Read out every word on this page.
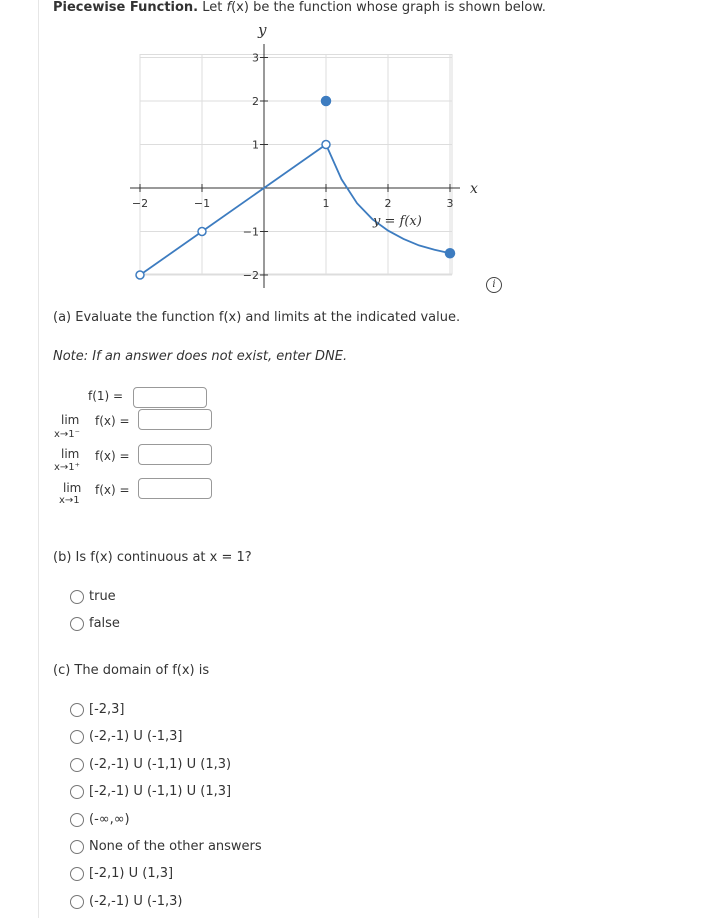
Piecewise Function. Let f(x) be the function whose graph is shown below.
−2	−1	1	2	3
3
2
1
−1
−2
y
x
y = f(x)
i
(a) Evaluate the function f(x) and limits at the indicated value.
Note: If an answer does not exist, enter DNE.
f(1) =
lim f(x) =
x→1⁻
lim f(x) =
x→1⁺
lim f(x) =
x→1
(b) Is f(x) continuous at x = 1?
true
false
(c) The domain of f(x) is
[-2,3]
(-2,-1) U (-1,3]
(-2,-1) U (-1,1) U (1,3)
[-2,-1) U (-1,1) U (1,3]
(-∞,∞)
None of the other answers
[-2,1) U (1,3]
(-2,-1) U (-1,3)
